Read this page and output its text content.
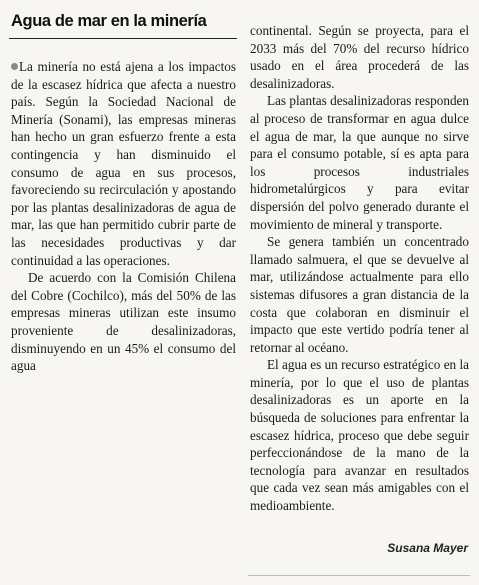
Agua de mar en la minería

La minería no está ajena a los impactos de la escasez hídrica que afecta a nuestro país. Según la Sociedad Nacional de Minería (Sonami), las empresas mineras han hecho un gran esfuerzo frente a esta contingencia y han disminuido el consumo de agua en sus procesos, favoreciendo su recirculación y apostando por las plantas desalinizadoras de agua de mar, las que han permitido cubrir parte de las necesidades productivas y dar continuidad a las operaciones.

De acuerdo con la Comisión Chilena del Cobre (Cochilco), más del 50% de las empresas mineras utilizan este insumo proveniente de desalinizadoras, disminuyendo en un 45% el consumo del agua

continental. Según se proyecta, para el 2033 más del 70% del recurso hídrico usado en el área procederá de las desalinizadoras.

Las plantas desalinizadoras responden al proceso de transformar en agua dulce el agua de mar, la que aunque no sirve para el consumo potable, sí es apta para los procesos industriales hidrometalúrgicos y para evitar dispersión del polvo generado durante el movimiento de mineral y transporte.

Se genera también un concentrado llamado salmuera, el que se devuelve al mar, utilizándose actualmente para ello sistemas difusores a gran distancia de la costa que colaboran en disminuir el impacto que este vertido podría tener al retornar al océano.

El agua es un recurso estratégico en la minería, por lo que el uso de plantas desalinizadoras es un aporte en la búsqueda de soluciones para enfrentar la escasez hídrica, proceso que debe seguir perfeccionándose de la mano de la tecnología para avanzar en resultados que cada vez sean más amigables con el medioambiente.

Susana Mayer
